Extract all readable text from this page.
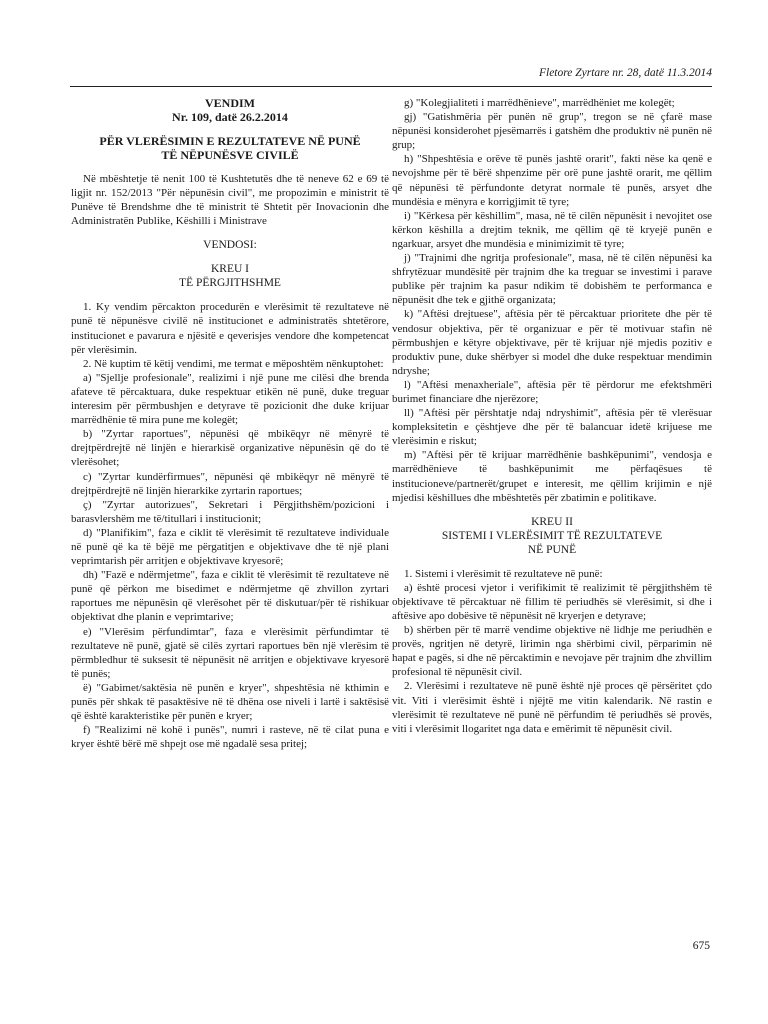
Fletore Zyrtare nr. 28, datë 11.3.2014
VENDIM
Nr. 109, datë 26.2.2014
PËR VLERËSIMIN E REZULTATEVE NË PUNË
TË NËPUNËSVE CIVILË

Në mbështetje të nenit 100 të Kushtetutës dhe të neneve 62 e 69 të ligjit nr. 152/2013 "Për nëpunësin civil", me propozimin e ministrit të Punëve të Brendshme dhe të ministrit të Shtetit për Inovacionin dhe Administratën Publike, Këshilli i Ministrave

VENDOSI:
KREU I
TË PËRGJITHSHME

1. Ky vendim përcakton procedurën e vlerësimit të rezultateve në punë të nëpunësve civilë në institucionet e administratës shtetërore, institucionet e pavarura e njësitë e qeverisjes vendore dhe kompetencat për vlerësimin.

2. Në kuptim të këtij vendimi, me termat e mëposhtëm nënkuptohet:

a) "Sjellje profesionale", realizimi i një pune me cilësi dhe brenda afateve të përcaktuara, duke respektuar etikën në punë, duke treguar interesim për përmbushjen e detyrave të pozicionit dhe duke krijuar marrëdhënie të mira pune me kolegët;

b) "Zyrtar raportues", nëpunësi që mbikëqyr në mënyrë të drejtpërdrejtë në linjën e hierarkisë organizative nëpunësin që do të vlerësohet;

c) "Zyrtar kundërfirmues", nëpunësi që mbikëqyr në mënyrë të drejtpërdrejtë në linjën hierarkike zyrtarin raportues;

ç) "Zyrtar autorizues", Sekretari i Përgjithshëm/pozicioni i barasvlershëm me të/titullari i institucionit;

d) "Planifikim", faza e ciklit të vlerësimit të rezultateve individuale në punë që ka të bëjë me përgatitjen e objektivave dhe të një plani veprimtarish për arritjen e objektivave kryesorë;

dh) "Fazë e ndërmjetme", faza e ciklit të vlerësimit të rezultateve në punë që përkon me bisedimet e ndërmjetme që zhvillon zyrtari raportues me nëpunësin që vlerësohet për të diskutuar/për të rishikuar objektivat dhe planin e veprimtarive;

e) "Vlerësim përfundimtar", faza e vlerësimit përfundimtar të rezultateve në punë, gjatë së cilës zyrtari raportues bën një vlerësim të përmbledhur të suksesit të nëpunësit në arritjen e objektivave kryesorë të punës;

ë) "Gabimet/saktësia në punën e kryer", shpeshtësia në kthimin e punës për shkak të pasaktësive në të dhëna ose niveli i lartë i saktësisë që është karakteristike për punën e kryer;

f) "Realizimi në kohë i punës", numri i rasteve, në të cilat puna e kryer është bërë më shpejt ose më ngadalë sesa pritej;

g) "Kolegjialiteti i marrëdhënieve", marrëdhëniet me kolegët;

gj) "Gatishmëria për punën në grup", tregon se në çfarë mase nëpunësi konsiderohet pjesëmarrës i gatshëm dhe produktiv në punën në grup;

h) "Shpeshtësia e orëve të punës jashtë orarit", fakti nëse ka qenë e nevojshme për të bërë shpenzime për orë pune jashtë orarit, me qëllim që nëpunësi të përfundonte detyrat normale të punës, arsyet dhe mundësia e mënyra e korrigjimit të tyre;

i) "Kërkesa për këshillim", masa, në të cilën nëpunësit i nevojitet ose kërkon këshilla a drejtim teknik, me qëllim që të kryejë punën e ngarkuar, arsyet dhe mundësia e minimizimit të tyre;

j) "Trajnimi dhe ngritja profesionale", masa, në të cilën nëpunësi ka shfrytëzuar mundësitë për trajnim dhe ka treguar se investimi i parave publike për trajnim ka pasur ndikim të dobishëm te performanca e nëpunësit dhe tek e gjithë organizata;

k) "Aftësi drejtuese", aftësia për të përcaktuar prioritete dhe për të vendosur objektiva, për të organizuar e për të motivuar stafin në përmbushjen e këtyre objektivave, për të krijuar një mjedis pozitiv e produktiv pune, duke shërbyer si model dhe duke respektuar mendimin ndryshe;

l) "Aftësi menaxheriale", aftësia për të përdorur me efektshmëri burimet financiare dhe njerëzore;

ll) "Aftësi për përshtatje ndaj ndryshimit", aftësia për të vlerësuar kompleksitetin e çështjeve dhe për të balancuar idetë krijuese me vlerësimin e riskut;

m) "Aftësi për të krijuar marrëdhënie bashkëpunimi", vendosja e marrëdhënieve të bashkëpunimit me përfaqësues të institucioneve/partnerët/grupet e interesit, me qëllim krijimin e një mjedisi këshillues dhe mbështetës për zbatimin e politikave.

KREU II
SISTEMI I VLERËSIMIT TË REZULTATEVE
NË PUNË

1. Sistemi i vlerësimit të rezultateve në punë:

a) është procesi vjetor i verifikimit të realizimit të përgjithshëm të objektivave të përcaktuar në fillim të periudhës së vlerësimit, si dhe i aftësive apo dobësive të nëpunësit në kryerjen e detyrave;

b) shërben për të marrë vendime objektive në lidhje me periudhën e provës, ngritjen në detyrë, lirimin nga shërbimi civil, përparimin në hapat e pagës, si dhe në përcaktimin e nevojave për trajnim dhe zhvillim profesional të nëpunësit civil.

2. Vlerësimi i rezultateve në punë është një proces që përsëritet çdo vit. Viti i vlerësimit është i njëjtë me vitin kalendarik. Në rastin e vlerësimit të rezultateve në punë në përfundim të periudhës së provës, viti i vlerësimit llogaritet nga data e emërimit të nëpunësit civil.

675
